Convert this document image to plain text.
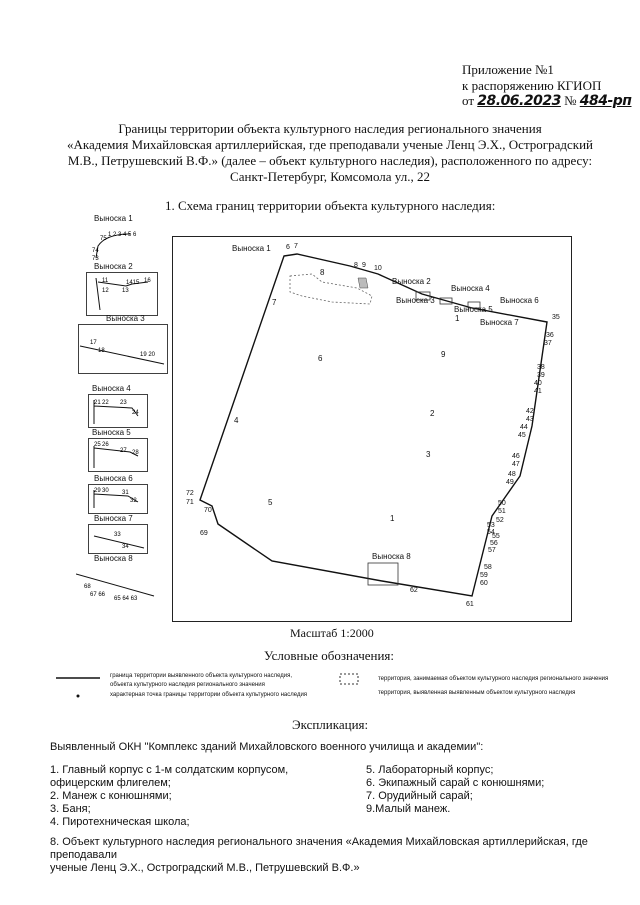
Приложение №1
к распоряжению КГИОП
от 28.06.2023 № 484-рп
Границы территории объекта культурного наследия регионального значения
«Академия Михайловская артиллерийская, где преподавали ученые Ленц Э.Х., Остроградский
М.В., Петрушевский В.Ф.» (далее – объект культурного наследия), расположенного по адресу:
Санкт-Петербург, Комсомола ул., 22
1. Схема границ территории объекта культурного наследия:
Выноска 1
75
1 2 3 4 5 6
74
73
Выноска 2
11
12 13
1415 16
Выноска 3
17
18
19 20
Выноска 4
21 22 23
24
Выноска 5
25 26
27 28
Выноска 6
29 30 31
32
Выноска 7
33
34
Выноска 8
68
67 66
65 64 63
Выноска 1
Выноска 2
Выноска 3
Выноска 4
Выноска 5
Выноска 6
Выноска 7
Выноска 8
1
1
2
3
4
5
6
7
8
9
6 7
8 9 10
35
36
37
38
39
40
41
42
43
44
45
46
47
48
49
50
51
52
53
54
55
56
57
58
59
60
61
62
69
70
71
72
Масштаб 1:2000
Условные обозначения:
граница территории выявленного объекта культурного наследия,
объекта культурного наследия регионального значения
характерная точка границы территории объекта культурного наследия
территория, занимаемая объектом культурного наследия регионального значения
территория, выявленная выявленным объектом культурного наследия
Экспликация:
Выявленный ОКН "Комплекс зданий Михайловского военного училища и академии":
1. Главный корпус с 1-м солдатским корпусом,
офицерским флигелем;
2. Манеж с конюшнями;
3. Баня;
4. Пиротехническая школа;
5. Лабораторный корпус;
6. Экипажный сарай с конюшнями;
7. Орудийный сарай;
9.Малый манеж.
8. Объект культурного наследия регионального значения «Академия Михайловская артиллерийская, где преподавали
ученые Ленц Э.Х., Остроградский М.В., Петрушевский В.Ф.»
